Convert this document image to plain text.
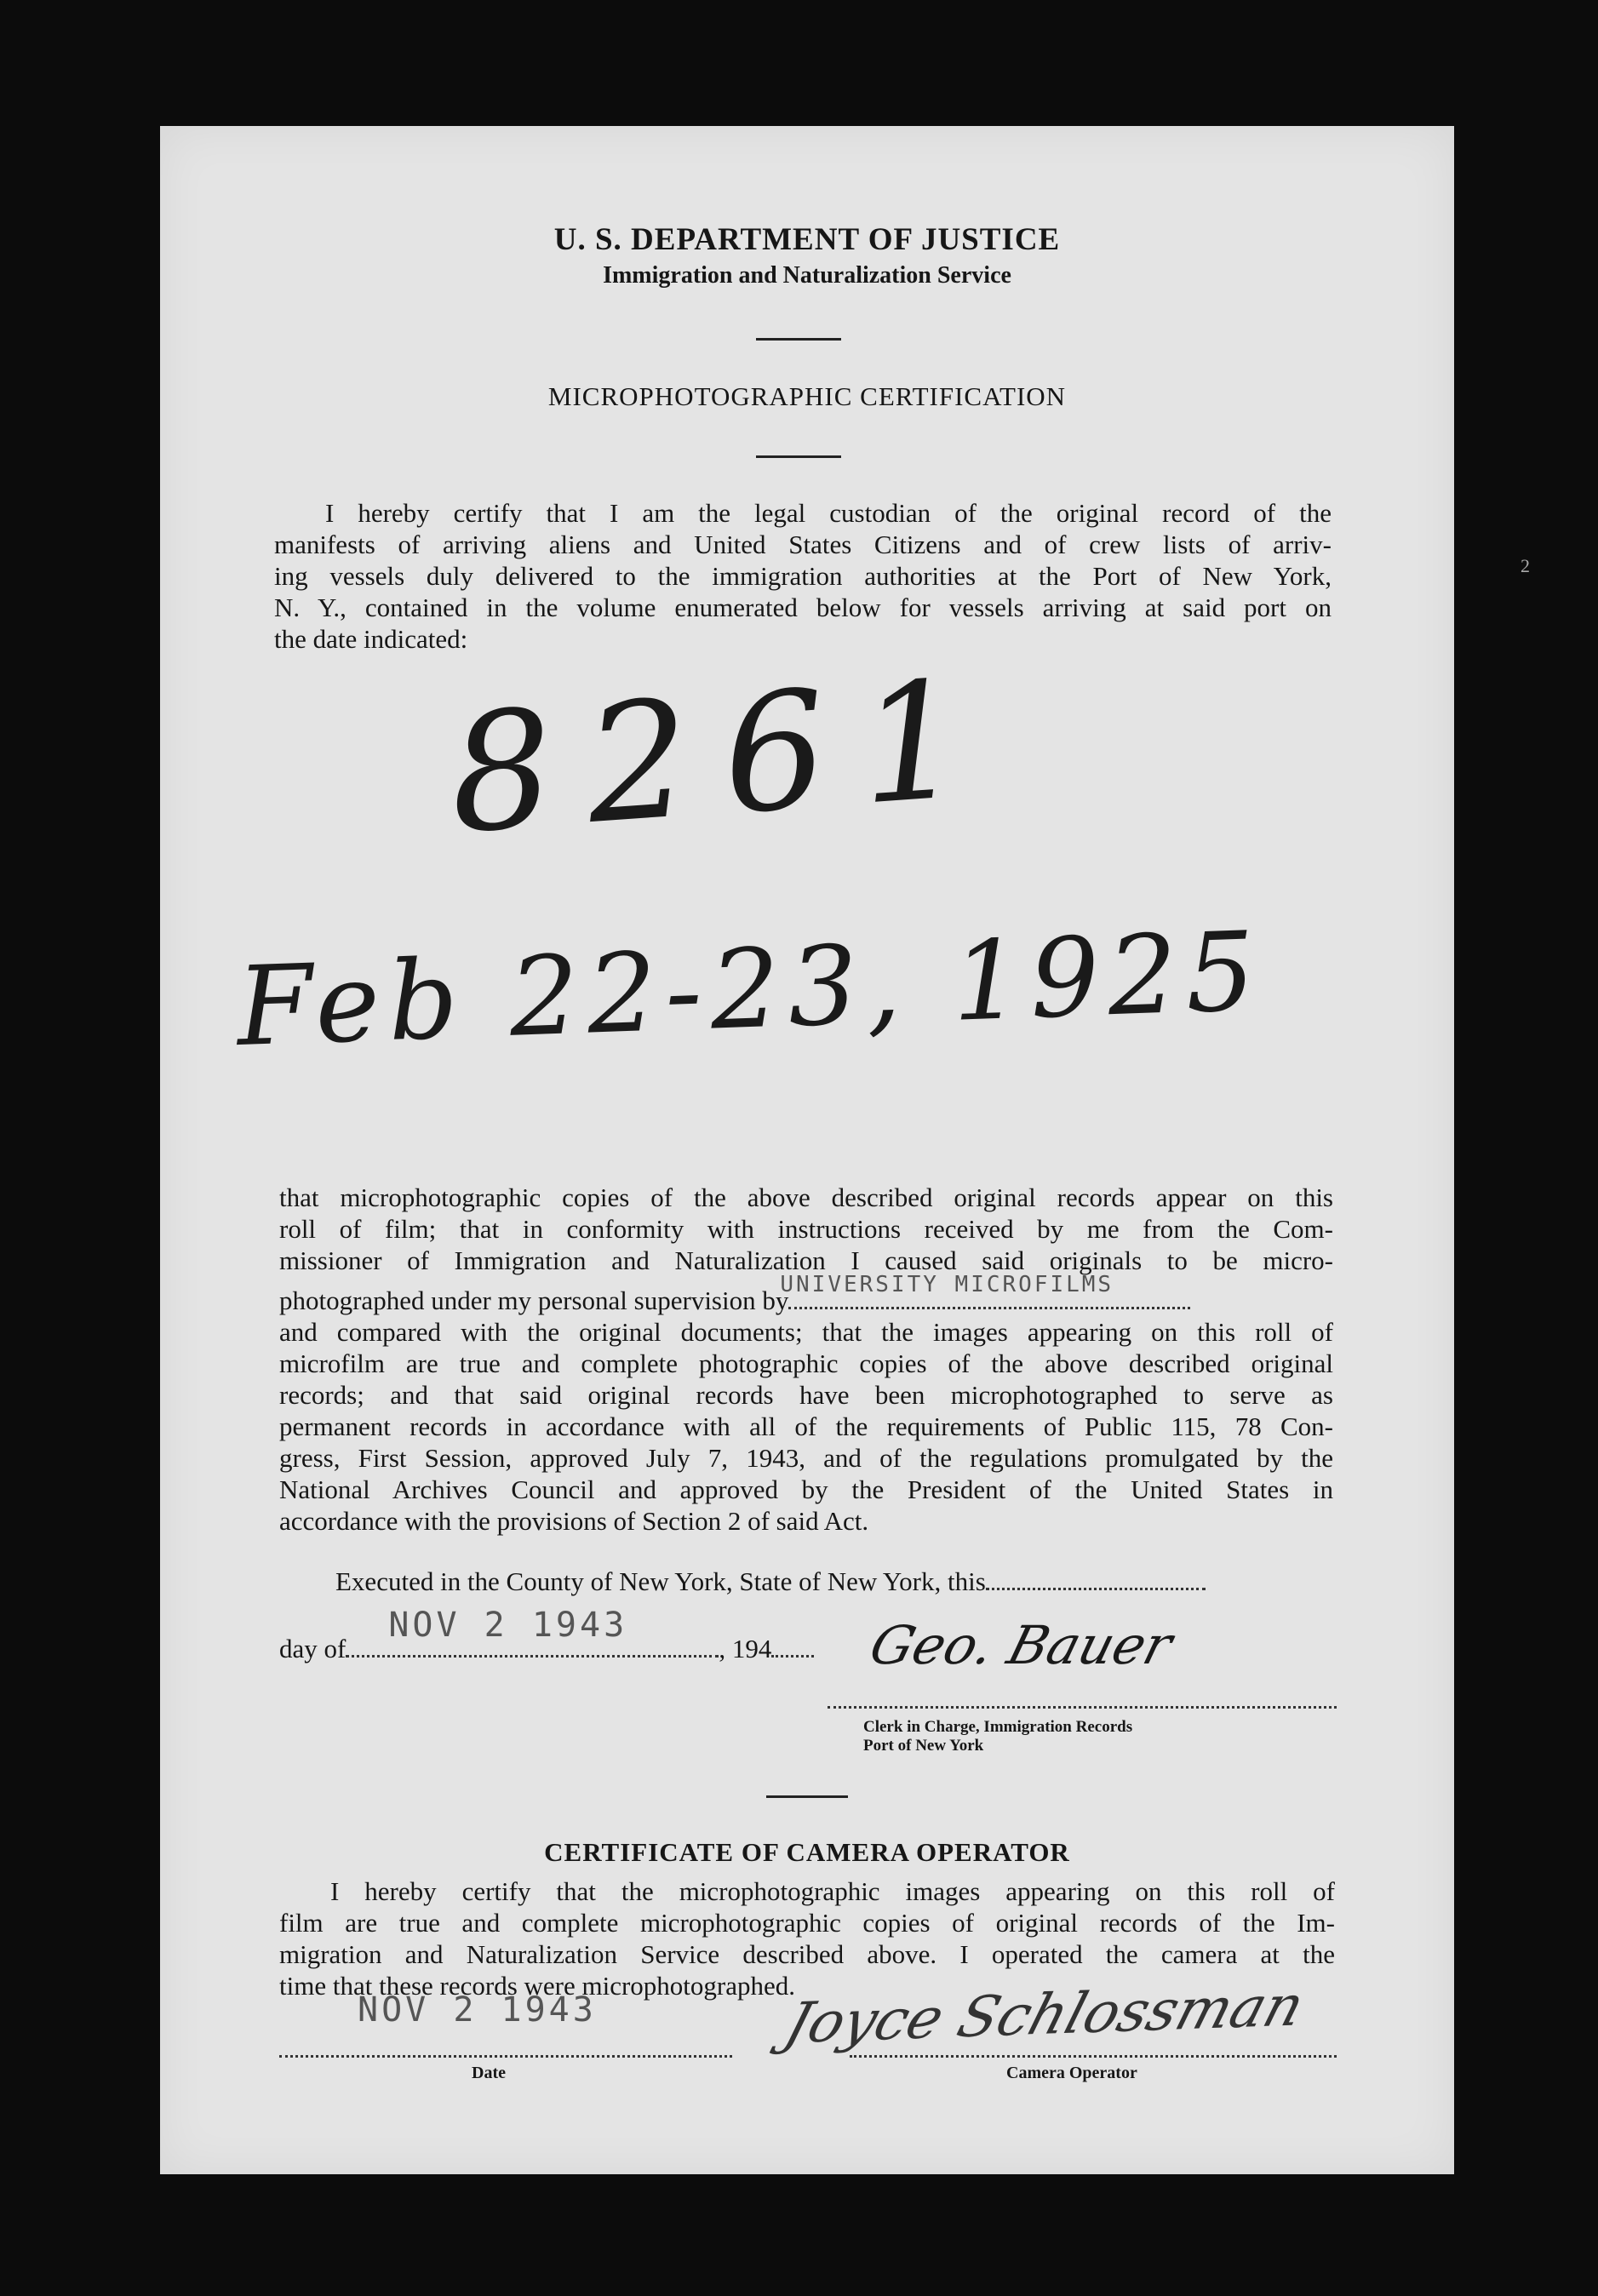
U. S. DEPARTMENT OF JUSTICE
Immigration and Naturalization Service
MICROPHOTOGRAPHIC CERTIFICATION
I hereby certify that I am the legal custodian of the original record of the
manifests of arriving aliens and United States Citizens and of crew lists of arriv-
ing vessels duly delivered to the immigration authorities at the Port of New York,
N. Y., contained in the volume enumerated below for vessels arriving at said port on
the date indicated:
8261
Feb 22-23, 1925
that microphotographic copies of the above described original records appear on this
roll of film; that in conformity with instructions received by me from the Com-
missioner of Immigration and Naturalization I caused said originals to be micro-
photographed under my personal supervision by
UNIVERSITY MICROFILMS
and compared with the original documents; that the images appearing on this roll of
microfilm are true and complete photographic copies of the above described original
records; and that said original records have been microphotographed to serve as
permanent records in accordance with all of the requirements of Public 115, 78 Con-
gress, First Session, approved July 7, 1943, and of the regulations promulgated by the
National Archives Council and approved by the President of the United States in
accordance with the provisions of Section 2 of said Act.
Executed in the County of New York, State of New York, this
day of
NOV 2 1943
, 194	Geo. Bauer
Clerk in Charge, Immigration Records
Port of New York
CERTIFICATE OF CAMERA OPERATOR
I hereby certify that the microphotographic images appearing on this roll of
film are true and complete microphotographic copies of original records of the Im-
migration and Naturalization Service described above. I operated the camera at the
time that these records were microphotographed.
NOV 2 1943
Date
Joyce Schlossman
Camera Operator
2
